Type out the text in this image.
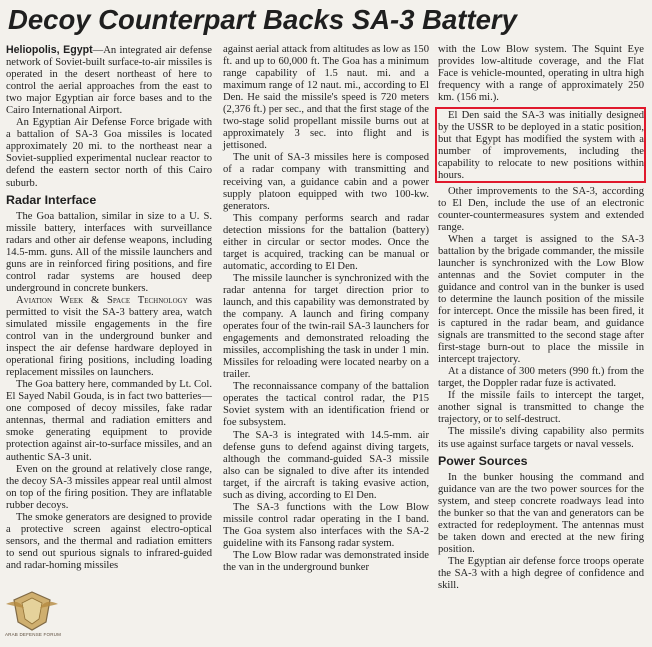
Decoy Counterpart Backs SA-3 Battery

Heliopolis, Egypt—An integrated air defense network of Soviet-built surface-to-air missiles is operated in the desert northeast of here to control the aerial approaches from the east to two major Egyptian air force bases and to the Cairo International Airport.

An Egyptian Air Defense Force brigade with a battalion of SA-3 Goa missiles is located approximately 20 mi. to the northeast near a Soviet-supplied experimental nuclear reactor to defend the eastern sector north of this Cairo suburb.

Radar Interface

The Goa battalion, similar in size to a U. S. missile battery, interfaces with surveillance radars and other air defense weapons, including 14.5-mm. guns. All of the missile launchers and guns are in reinforced firing positions, and fire control radar systems are housed deep underground in concrete bunkers.

Aviation Week & Space Technology was permitted to visit the SA-3 battery area, watch simulated missile engagements in the fire control van in the underground bunker and inspect the air defense hardware deployed in operational firing positions, including loading replacement missiles on launchers.

The Goa battery here, commanded by Lt. Col. El Sayed Nabil Gouda, is in fact two batteries—one composed of decoy missiles, fake radar antennas, thermal and radiation emitters and smoke generating equipment to provide protection against air-to-surface missiles, and an authentic SA-3 unit.

Even on the ground at relatively close range, the decoy SA-3 missiles appear real until almost on top of the firing position. They are inflatable rubber decoys.

The smoke generators are designed to provide a protective screen against electro-optical sensors, and the thermal and radiation emitters to send out spurious signals to infrared-guided and radar-homing missiles

against aerial attack from altitudes as low as 150 ft. and up to 60,000 ft. The Goa has a minimum range capability of 1.5 naut. mi. and a maximum range of 12 naut. mi., according to El Den. He said the missile's speed is 720 meters (2,376 ft.) per sec., and that the first stage of the two-stage solid propellant missile burns out at approximately 3 sec. into flight and is jettisoned.

The unit of SA-3 missiles here is composed of a radar company with transmitting and receiving van, a guidance cabin and a power supply platoon equipped with two 100-kw. generators.

This company performs search and radar detection missions for the battalion (battery) either in circular or sector modes. Once the target is acquired, tracking can be manual or automatic, according to El Den.

The missile launcher is synchronized with the radar antenna for target direction prior to launch, and this capability was demonstrated by the company. A launch and firing company operates four of the twin-rail SA-3 launchers for engagements and demonstrated reloading the missiles, accomplishing the task in under 1 min. Missiles for reloading were located nearby on a trailer.

The reconnaissance company of the battalion operates the tactical control radar, the P15 Soviet system with an identification friend or foe subsystem.

The SA-3 is integrated with 14.5-mm. air defense guns to defend against diving targets, although the command-guided SA-3 missile also can be signaled to dive after its intended target, if the aircraft is taking evasive action, such as diving, according to El Den.

The SA-3 functions with the Low Blow missile control radar operating in the I band. The Goa system also interfaces with the SA-2 guideline with its Fansong radar system.

The Low Blow radar was demonstrated inside the van in the underground bunker

with the Low Blow system. The Squint Eye provides low-altitude coverage, and the Flat Face is vehicle-mounted, operating in ultra high frequency with a range of approximately 250 km. (156 mi.).

El Den said the SA-3 was initially designed by the USSR to be deployed in a static position, but that Egypt has modified the system with a number of improvements, including the capability to relocate to new positions within hours.

Other improvements to the SA-3, according to El Den, include the use of an electronic counter-countermeasures system and extended range.

When a target is assigned to the SA-3 battalion by the brigade commander, the missile launcher is synchronized with the Low Blow antennas and the Soviet computer in the guidance and control van in the bunker is used to determine the launch position of the missile for intercept. Once the missile has been fired, it is captured in the radar beam, and guidance signals are transmitted to the second stage after first-stage burn-out to place the missile in intercept trajectory.

At a distance of 300 meters (990 ft.) from the target, the Doppler radar fuze is activated.

If the missile fails to intercept the target, another signal is transmitted to change the trajectory, or to self-destruct.

The missile's diving capability also permits its use against surface targets or naval vessels.

Power Sources

In the bunker housing the command and guidance van are the two power sources for the system, and steep concrete roadways lead into the bunker so that the van and generators can be extracted for redeployment. The antennas must be taken down and erected at the new firing position.

The Egyptian air defense force troops operate the SA-3 with a high degree of confidence and skill.

ARAB DEFENSE FORUM
